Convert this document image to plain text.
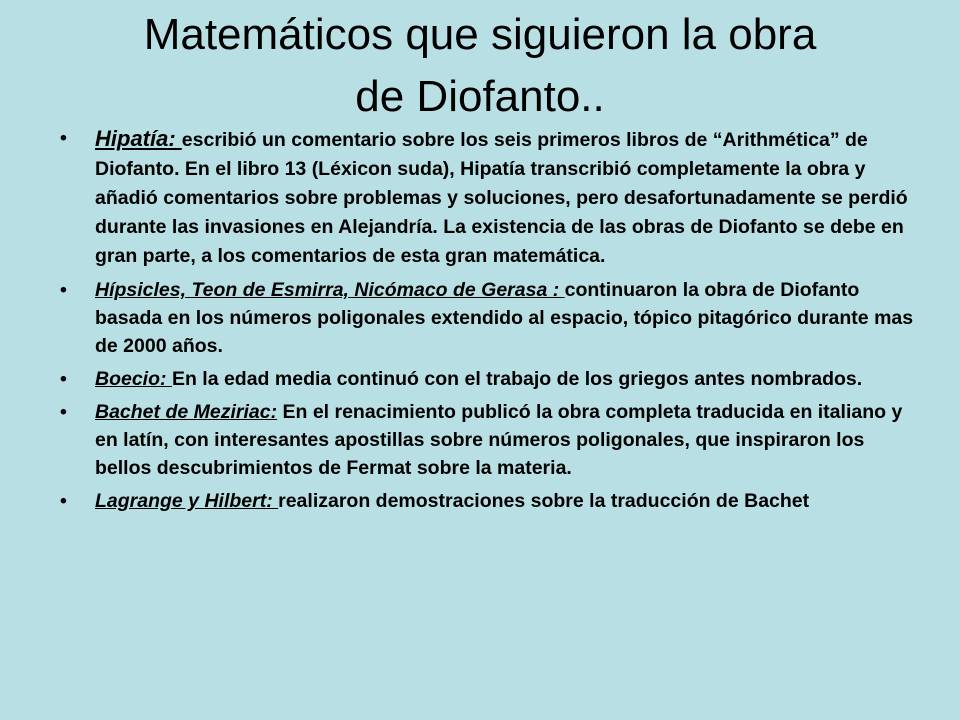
Matemáticos que siguieron la obra
de Diofanto..
• Hipatía: escribió un comentario sobre los seis primeros libros de “Arithmética” de Diofanto. En el libro 13 (Léxicon suda), Hipatía transcribió completamente la obra y añadió comentarios sobre problemas y soluciones, pero desafortunadamente se perdió durante las invasiones en Alejandría. La existencia de las obras de Diofanto se debe en gran parte, a los comentarios de esta gran matemática.
• Hípsicles, Teon de Esmirra, Nicómaco de Gerasa : continuaron la obra de Diofanto basada en los números poligonales extendido al espacio, tópico pitagórico durante mas de 2000 años.
• Boecio: En la edad media continuó con el trabajo de los griegos antes nombrados.
• Bachet de Meziriac: En el renacimiento publicó la obra completa traducida en italiano y en latín, con interesantes apostillas sobre números poligonales, que inspiraron los bellos descubrimientos de Fermat sobre la materia.
• Lagrange y Hilbert: realizaron demostraciones sobre la traducción de Bachet
